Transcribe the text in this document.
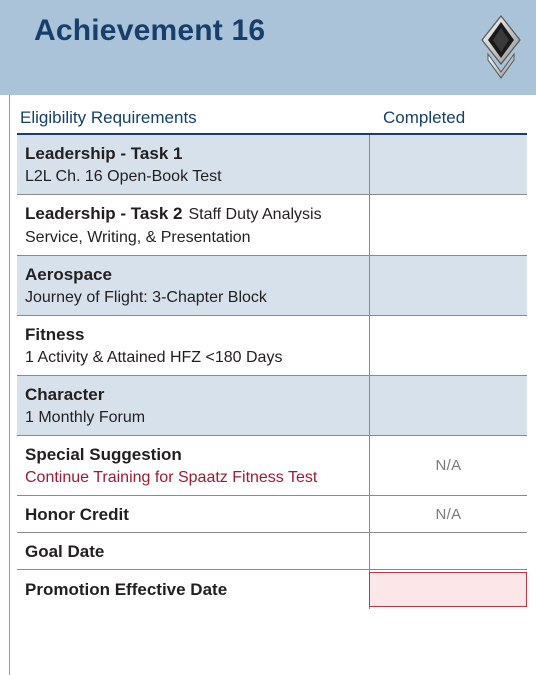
Achievement 16
Eligibility Requirements	Completed
Leadership - Task 1
L2L Ch. 16 Open-Book Test
Leadership - Task 2 Staff Duty Analysis
Service, Writing, & Presentation
Aerospace
Journey of Flight: 3-Chapter Block
Fitness
1 Activity & Attained HFZ <180 Days
Character
1 Monthly Forum
Special Suggestion
Continue Training for Spaatz Fitness Test
N/A
Honor Credit	N/A
Goal Date
Promotion Effective Date
